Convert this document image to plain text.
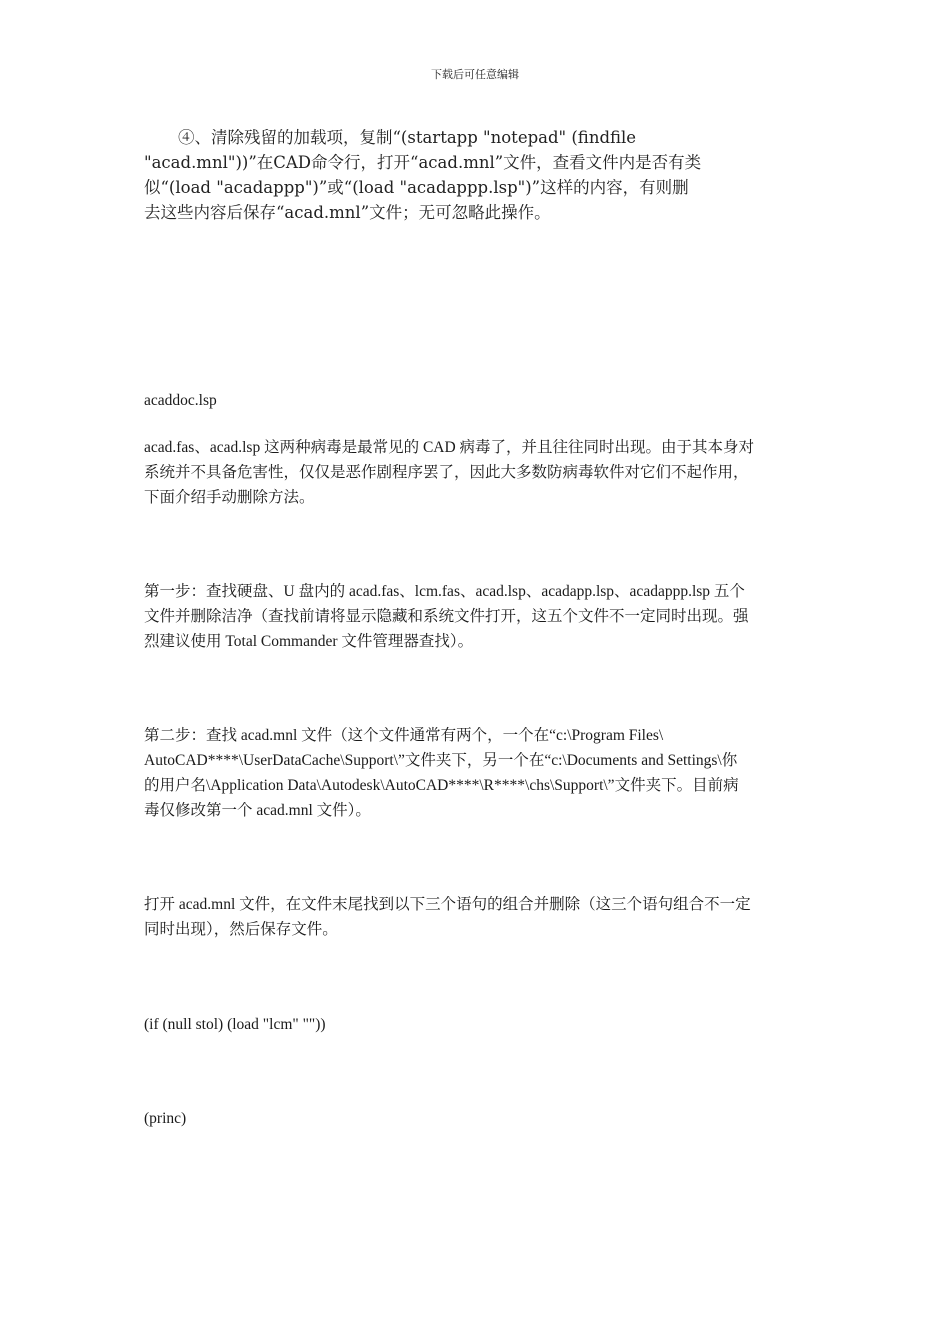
下载后可任意编辑
④、清除残留的加载项，复制“(startapp "notepad" (findfile
"acad.mnl"))”在CAD命令行，打开“acad.mnl”文件，查看文件内是否有类
似“(load "acadappp")”或“(load "acadappp.lsp")”这样的内容，有则删
去这些内容后保存“acad.mnl”文件；无可忽略此操作。
acaddoc.lsp
acad.fas、acad.lsp 这两种病毒是最常见的 CAD 病毒了，并且往往同时出现。由于其本身对
系统并不具备危害性，仅仅是恶作剧程序罢了，因此大多数防病毒软件对它们不起作用，
下面介绍手动删除方法。
第一步：查找硬盘、U 盘内的 acad.fas、lcm.fas、acad.lsp、acadapp.lsp、acadappp.lsp 五个
文件并删除洁净（查找前请将显示隐藏和系统文件打开，这五个文件不一定同时出现。强
烈建议使用 Total Commander 文件管理器查找）。
第二步：查找 acad.mnl 文件（这个文件通常有两个，一个在“c:\Program Files\
AutoCAD****\UserDataCache\Support\”文件夹下，另一个在“c:\Documents and Settings\你
的用户名\Application Data\Autodesk\AutoCAD****\R****\chs\Support\”文件夹下。目前病
毒仅修改第一个 acad.mnl 文件）。
打开 acad.mnl 文件，在文件末尾找到以下三个语句的组合并删除（这三个语句组合不一定
同时出现），然后保存文件。
(if (null stol) (load "lcm" ""))
(princ)
